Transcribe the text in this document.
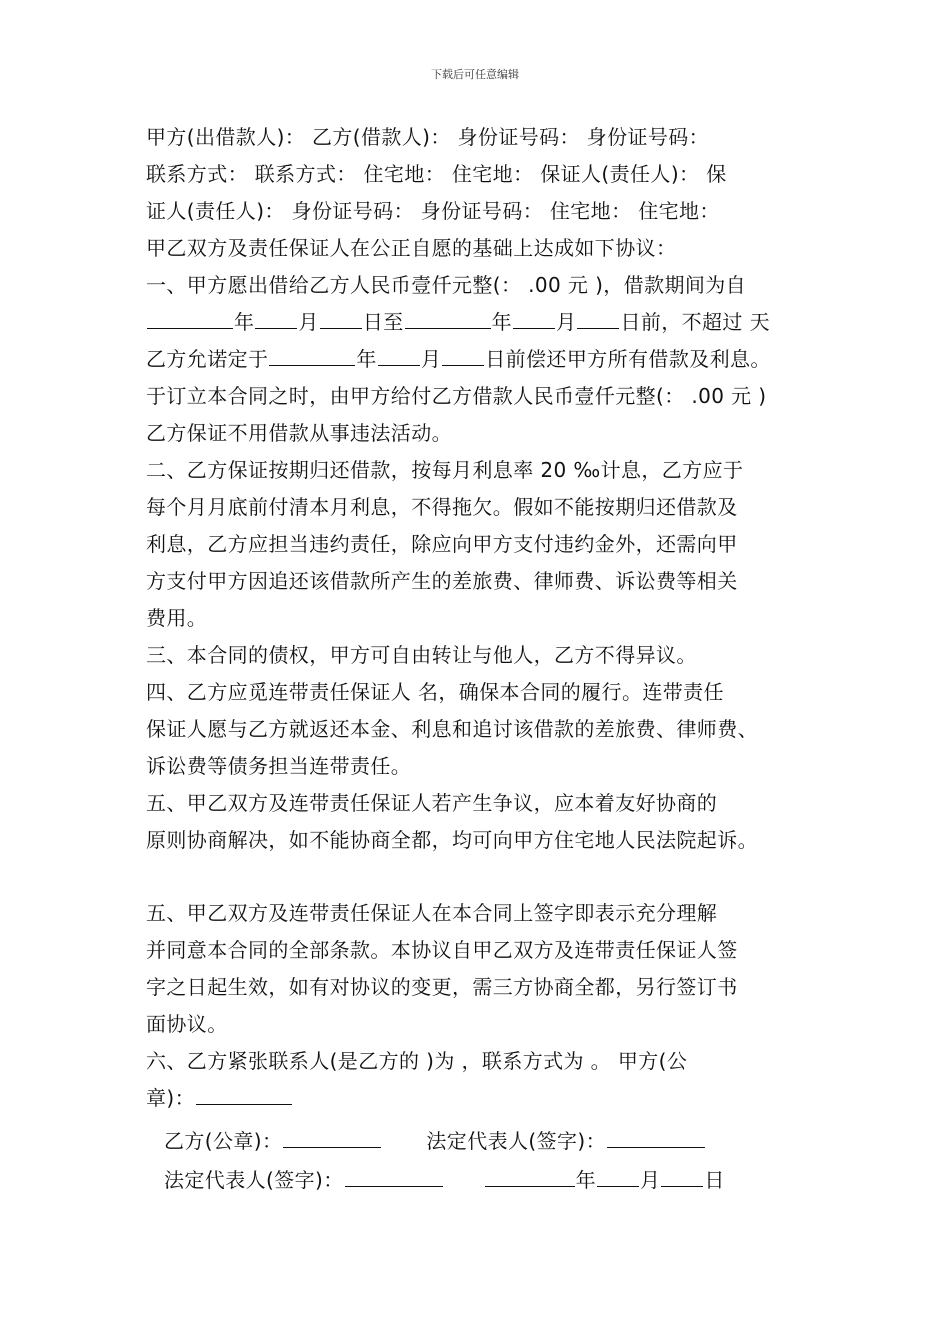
下载后可任意编辑
甲方(出借款人)： 乙方(借款人)： 身份证号码： 身份证号码：
联系方式： 联系方式： 住宅地： 住宅地： 保证人(责任人)： 保
证人(责任人)： 身份证号码： 身份证号码： 住宅地： 住宅地：
甲乙双方及责任保证人在公正自愿的基础上达成如下协议：
一、甲方愿出借给乙方人民币壹仟元整(： .00 元 )，借款期间为自
年 月 日至	年 月 日前，不超过 天
乙方允诺定于	年 月 日前偿还甲方所有借款及利息。
于订立本合同之时，由甲方给付乙方借款人民币壹仟元整(： .00 元 )
乙方保证不用借款从事违法活动。
二、乙方保证按期归还借款，按每月利息率 20 ‰计息，乙方应于
每个月月底前付清本月利息，不得拖欠。假如不能按期归还借款及
利息，乙方应担当违约责任，除应向甲方支付违约金外，还需向甲
方支付甲方因追还该借款所产生的差旅费、律师费、诉讼费等相关
费用。
三、本合同的债权，甲方可自由转让与他人，乙方不得异议。
四、乙方应觅连带责任保证人 名，确保本合同的履行。连带责任
保证人愿与乙方就返还本金、利息和追讨该借款的差旅费、律师费、
诉讼费等债务担当连带责任。
五、甲乙双方及连带责任保证人若产生争议，应本着友好协商的
原则协商解决，如不能协商全都，均可向甲方住宅地人民法院起诉。
五、甲乙双方及连带责任保证人在本合同上签字即表示充分理解
并同意本合同的全部条款。本协议自甲乙双方及连带责任保证人签
字之日起生效，如有对协议的变更，需三方协商全都，另行签订书
面协议。
六、乙方紧张联系人(是乙方的 )为 ，联系方式为 。 甲方(公
章)：
乙方(公章)：	法定代表人(签字)：
法定代表人(签字)：	年 月 日
